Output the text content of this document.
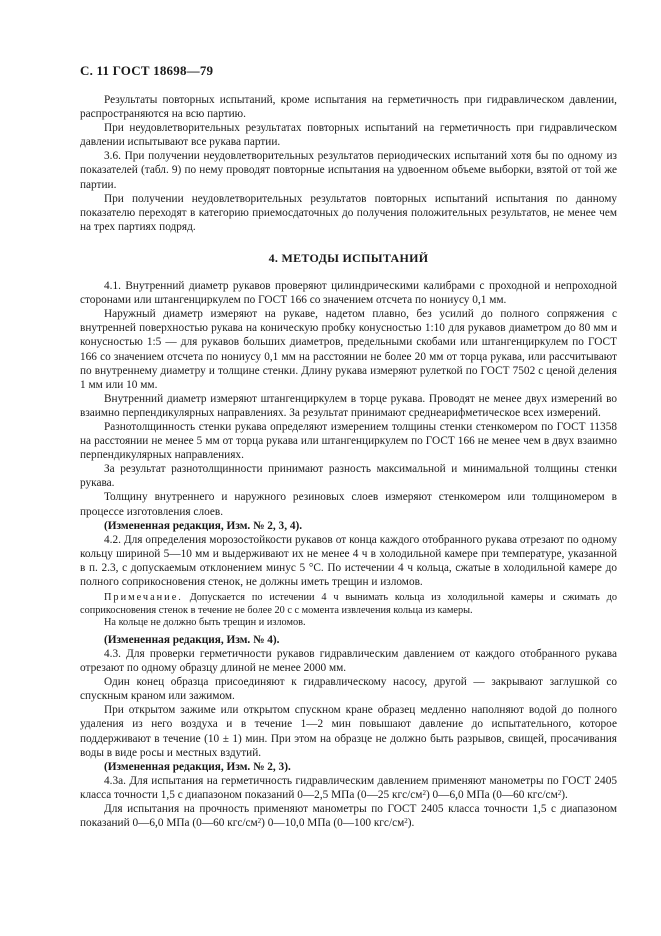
С. 11 ГОСТ 18698—79

Результаты повторных испытаний, кроме испытания на герметичность при гидравлическом давлении, распространяются на всю партию.

При неудовлетворительных результатах повторных испытаний на герметичность при гидравлическом давлении испытывают все рукава партии.

3.6. При получении неудовлетворительных результатов периодических испытаний хотя бы по одному из показателей (табл. 9) по нему проводят повторные испытания на удвоенном объеме выборки, взятой от той же партии.

При получении неудовлетворительных результатов повторных испытаний испытания по данному показателю переходят в категорию приемосдаточных до получения положительных результатов, не менее чем на трех партиях подряд.

4. МЕТОДЫ ИСПЫТАНИЙ

4.1. Внутренний диаметр рукавов проверяют цилиндрическими калибрами с проходной и непроходной сторонами или штангенциркулем по ГОСТ 166 со значением отсчета по нониусу 0,1 мм.

Наружный диаметр измеряют на рукаве, надетом плавно, без усилий до полного сопряжения с внутренней поверхностью рукава на коническую пробку конусностью 1:10 для рукавов диаметром до 80 мм и конусностью 1:5 — для рукавов больших диаметров, предельными скобами или штангенциркулем по ГОСТ 166 со значением отсчета по нониусу 0,1 мм на расстоянии не более 20 мм от торца рукава, или рассчитывают по внутреннему диаметру и толщине стенки. Длину рукава измеряют рулеткой по ГОСТ 7502 с ценой деления 1 мм или 10 мм.

Внутренний диаметр измеряют штангенциркулем в торце рукава. Проводят не менее двух измерений во взаимно перпендикулярных направлениях. За результат принимают среднеарифметическое всех измерений.

Разнотолщинность стенки рукава определяют измерением толщины стенки стенкомером по ГОСТ 11358 на расстоянии не менее 5 мм от торца рукава или штангенциркулем по ГОСТ 166 не менее чем в двух взаимно перпендикулярных направлениях.

За результат разнотолщинности принимают разность максимальной и минимальной толщины стенки рукава.

Толщину внутреннего и наружного резиновых слоев измеряют стенкомером или толщиномером в процессе изготовления слоев.

(Измененная редакция, Изм. № 2, 3, 4).

4.2. Для определения морозостойкости рукавов от конца каждого отобранного рукава отрезают по одному кольцу шириной 5—10 мм и выдерживают их не менее 4 ч в холодильной камере при температуре, указанной в п. 2.3, с допускаемым отклонением минус 5 °С. По истечении 4 ч кольца, сжатые в холодильной камере до полного соприкосновения стенок, не должны иметь трещин и изломов.

Примечание. Допускается по истечении 4 ч вынимать кольца из холодильной камеры и сжимать до соприкосновения стенок в течение не более 20 с с момента извлечения кольца из камеры.

На кольце не должно быть трещин и изломов.

(Измененная редакция, Изм. № 4).

4.3. Для проверки герметичности рукавов гидравлическим давлением от каждого отобранного рукава отрезают по одному образцу длиной не менее 2000 мм.

Один конец образца присоединяют к гидравлическому насосу, другой — закрывают заглушкой со спускным краном или зажимом.

При открытом зажиме или открытом спускном кране образец медленно наполняют водой до полного удаления из него воздуха и в течение 1—2 мин повышают давление до испытательного, которое поддерживают в течение (10 ± 1) мин. При этом на образце не должно быть разрывов, свищей, просачивания воды в виде росы и местных вздутий.

(Измененная редакция, Изм. № 2, 3).

4.3а. Для испытания на герметичность гидравлическим давлением применяют манометры по ГОСТ 2405 класса точности 1,5 с диапазоном показаний 0—2,5 МПа (0—25 кгс/$см^2$) 0—6,0 МПа (0—60 кгс/$см^2$).

Для испытания на прочность применяют манометры по ГОСТ 2405 класса точности 1,5 с диапазоном показаний 0—6,0 МПа (0—60 кгс/$см^2$) 0—10,0 МПа (0—100 кгс/$см^2$).
